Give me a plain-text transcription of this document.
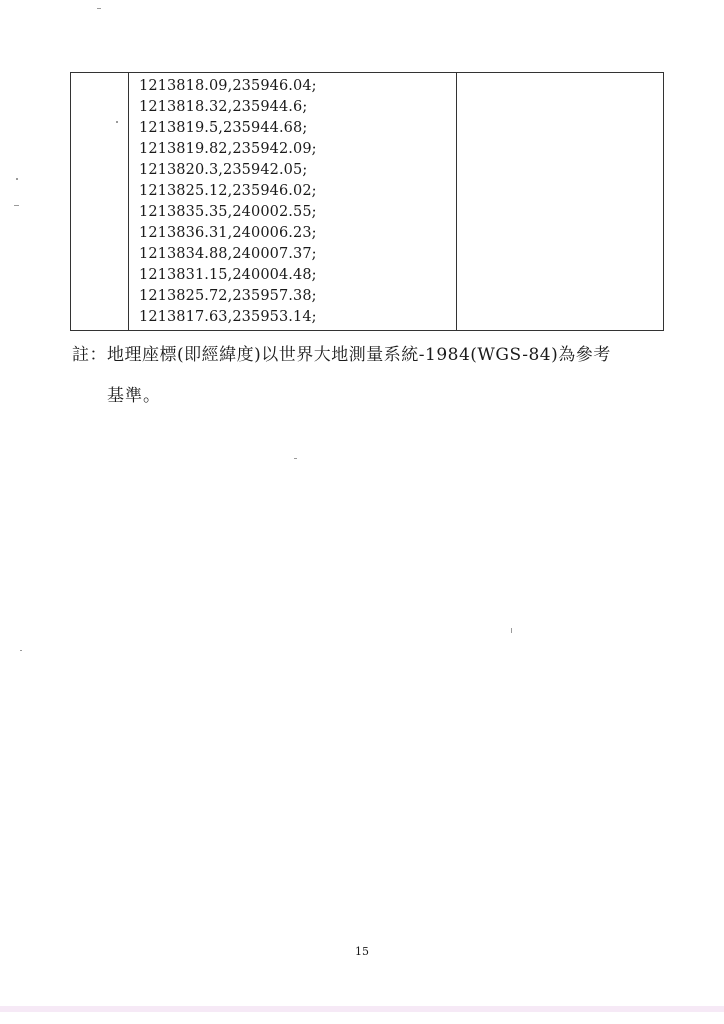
1213818.09,235946.04;
1213818.32,235944.6;
1213819.5,235944.68;
1213819.82,235942.09;
1213820.3,235942.05;
1213825.12,235946.02;
1213835.35,240002.55;
1213836.31,240006.23;
1213834.88,240007.37;
1213831.15,240004.48;
1213825.72,235957.38;
1213817.63,235953.14;

註：地理座標(即經緯度)以世界大地測量系統-1984(WGS-84)為參考
基準。
15
